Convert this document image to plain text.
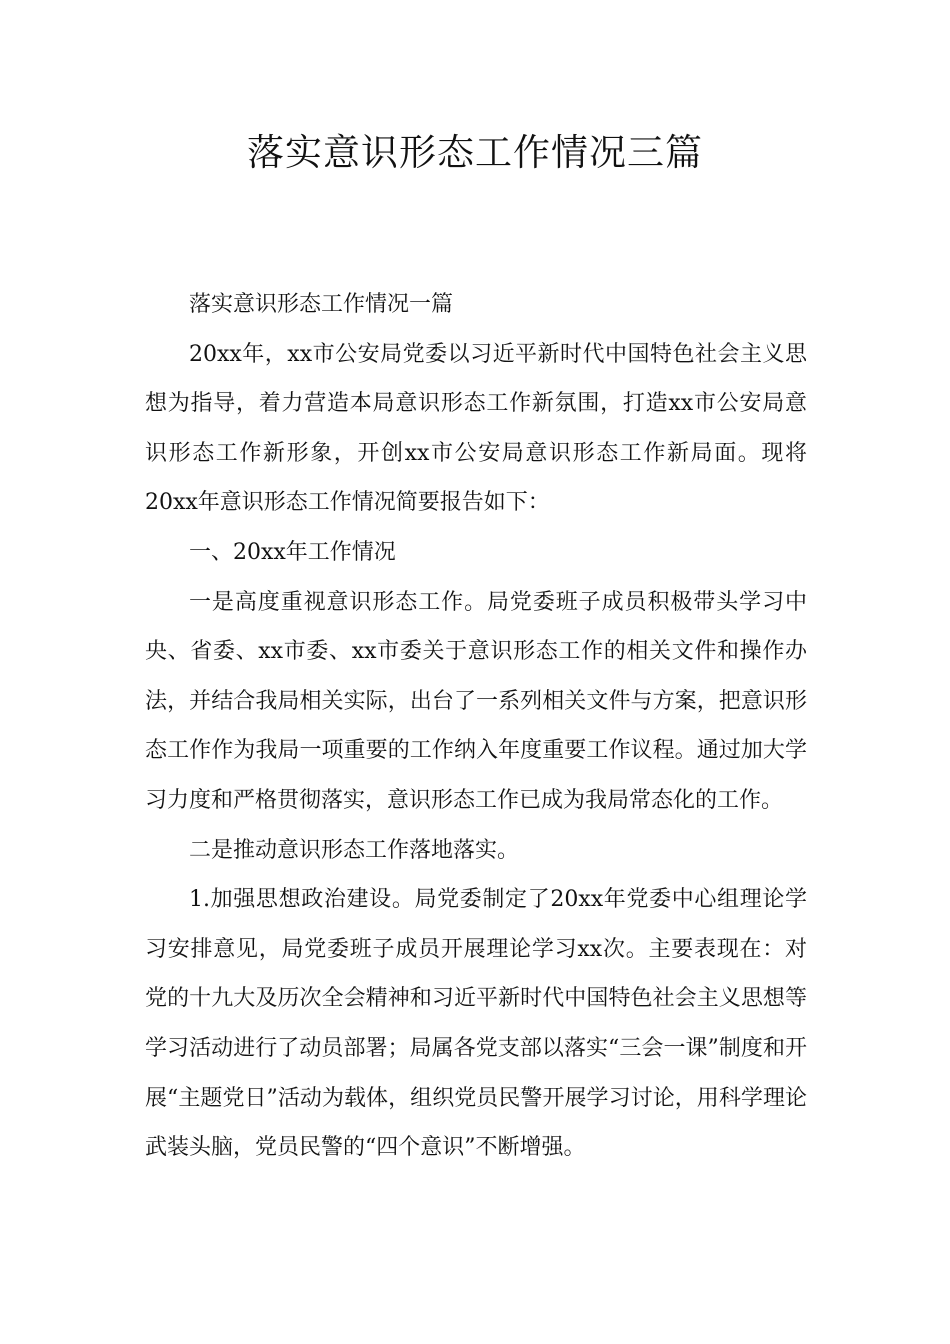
落实意识形态工作情况三篇

落实意识形态工作情况一篇

20xx年，xx市公安局党委以习近平新时代中国特色社会主义思想为指导，着力营造本局意识形态工作新氛围，打造xx市公安局意识形态工作新形象，开创xx市公安局意识形态工作新局面。现将20xx年意识形态工作情况简要报告如下：

一、20xx年工作情况

一是高度重视意识形态工作。局党委班子成员积极带头学习中央、省委、xx市委、xx市委关于意识形态工作的相关文件和操作办法，并结合我局相关实际，出台了一系列相关文件与方案，把意识形态工作作为我局一项重要的工作纳入年度重要工作议程。通过加大学习力度和严格贯彻落实，意识形态工作已成为我局常态化的工作。

二是推动意识形态工作落地落实。

1.加强思想政治建设。局党委制定了20xx年党委中心组理论学习安排意见，局党委班子成员开展理论学习xx次。主要表现在：对党的十九大及历次全会精神和习近平新时代中国特色社会主义思想等学习活动进行了动员部署；局属各党支部以落实“三会一课”制度和开展“主题党日”活动为载体，组织党员民警开展学习讨论，用科学理论武装头脑，党员民警的“四个意识”不断增强。
